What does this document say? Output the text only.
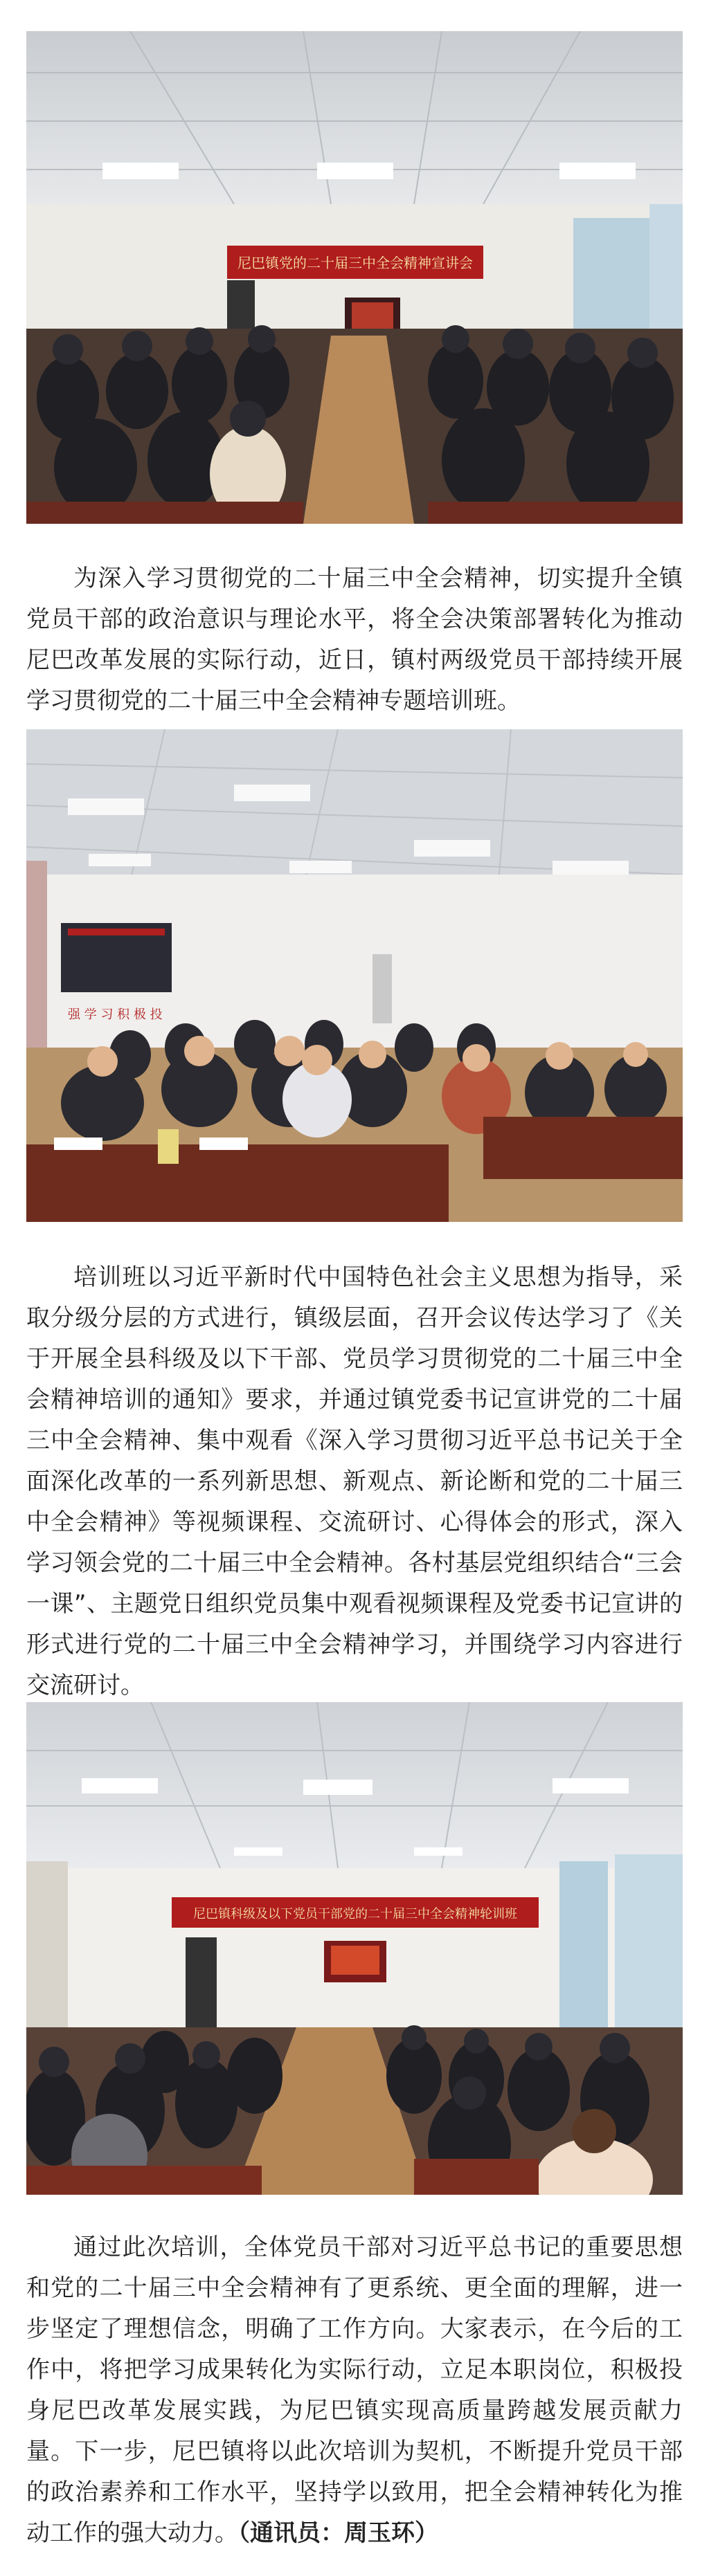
尼巴镇党的二十届三中全会精神宣讲会

为深入学习贯彻党的二十届三中全会精神，切实提升全镇党员干部的政治意识与理论水平，将全会决策部署转化为推动尼巴改革发展的实际行动，近日，镇村两级党员干部持续开展学习贯彻党的二十届三中全会精神专题培训班。

强 学 习 积 极 投

培训班以习近平新时代中国特色社会主义思想为指导，采取分级分层的方式进行，镇级层面，召开会议传达学习了《关于开展全县科级及以下干部、党员学习贯彻党的二十届三中全会精神培训的通知》要求，并通过镇党委书记宣讲党的二十届三中全会精神、集中观看《深入学习贯彻习近平总书记关于全面深化改革的一系列新思想、新观点、新论断和党的二十届三中全会精神》等视频课程、交流研讨、心得体会的形式，深入学习领会党的二十届三中全会精神。各村基层党组织结合“三会一课”、主题党日组织党员集中观看视频课程及党委书记宣讲的形式进行党的二十届三中全会精神学习，并围绕学习内容进行交流研讨。

尼巴镇科级及以下党员干部党的二十届三中全会精神轮训班

通过此次培训，全体党员干部对习近平总书记的重要思想和党的二十届三中全会精神有了更系统、更全面的理解，进一步坚定了理想信念，明确了工作方向。大家表示，在今后的工作中，将把学习成果转化为实际行动，立足本职岗位，积极投身尼巴改革发展实践，为尼巴镇实现高质量跨越发展贡献力量。下一步，尼巴镇将以此次培训为契机，不断提升党员干部的政治素养和工作水平，坚持学以致用，把全会精神转化为推动工作的强大动力。（通讯员：周玉环）
